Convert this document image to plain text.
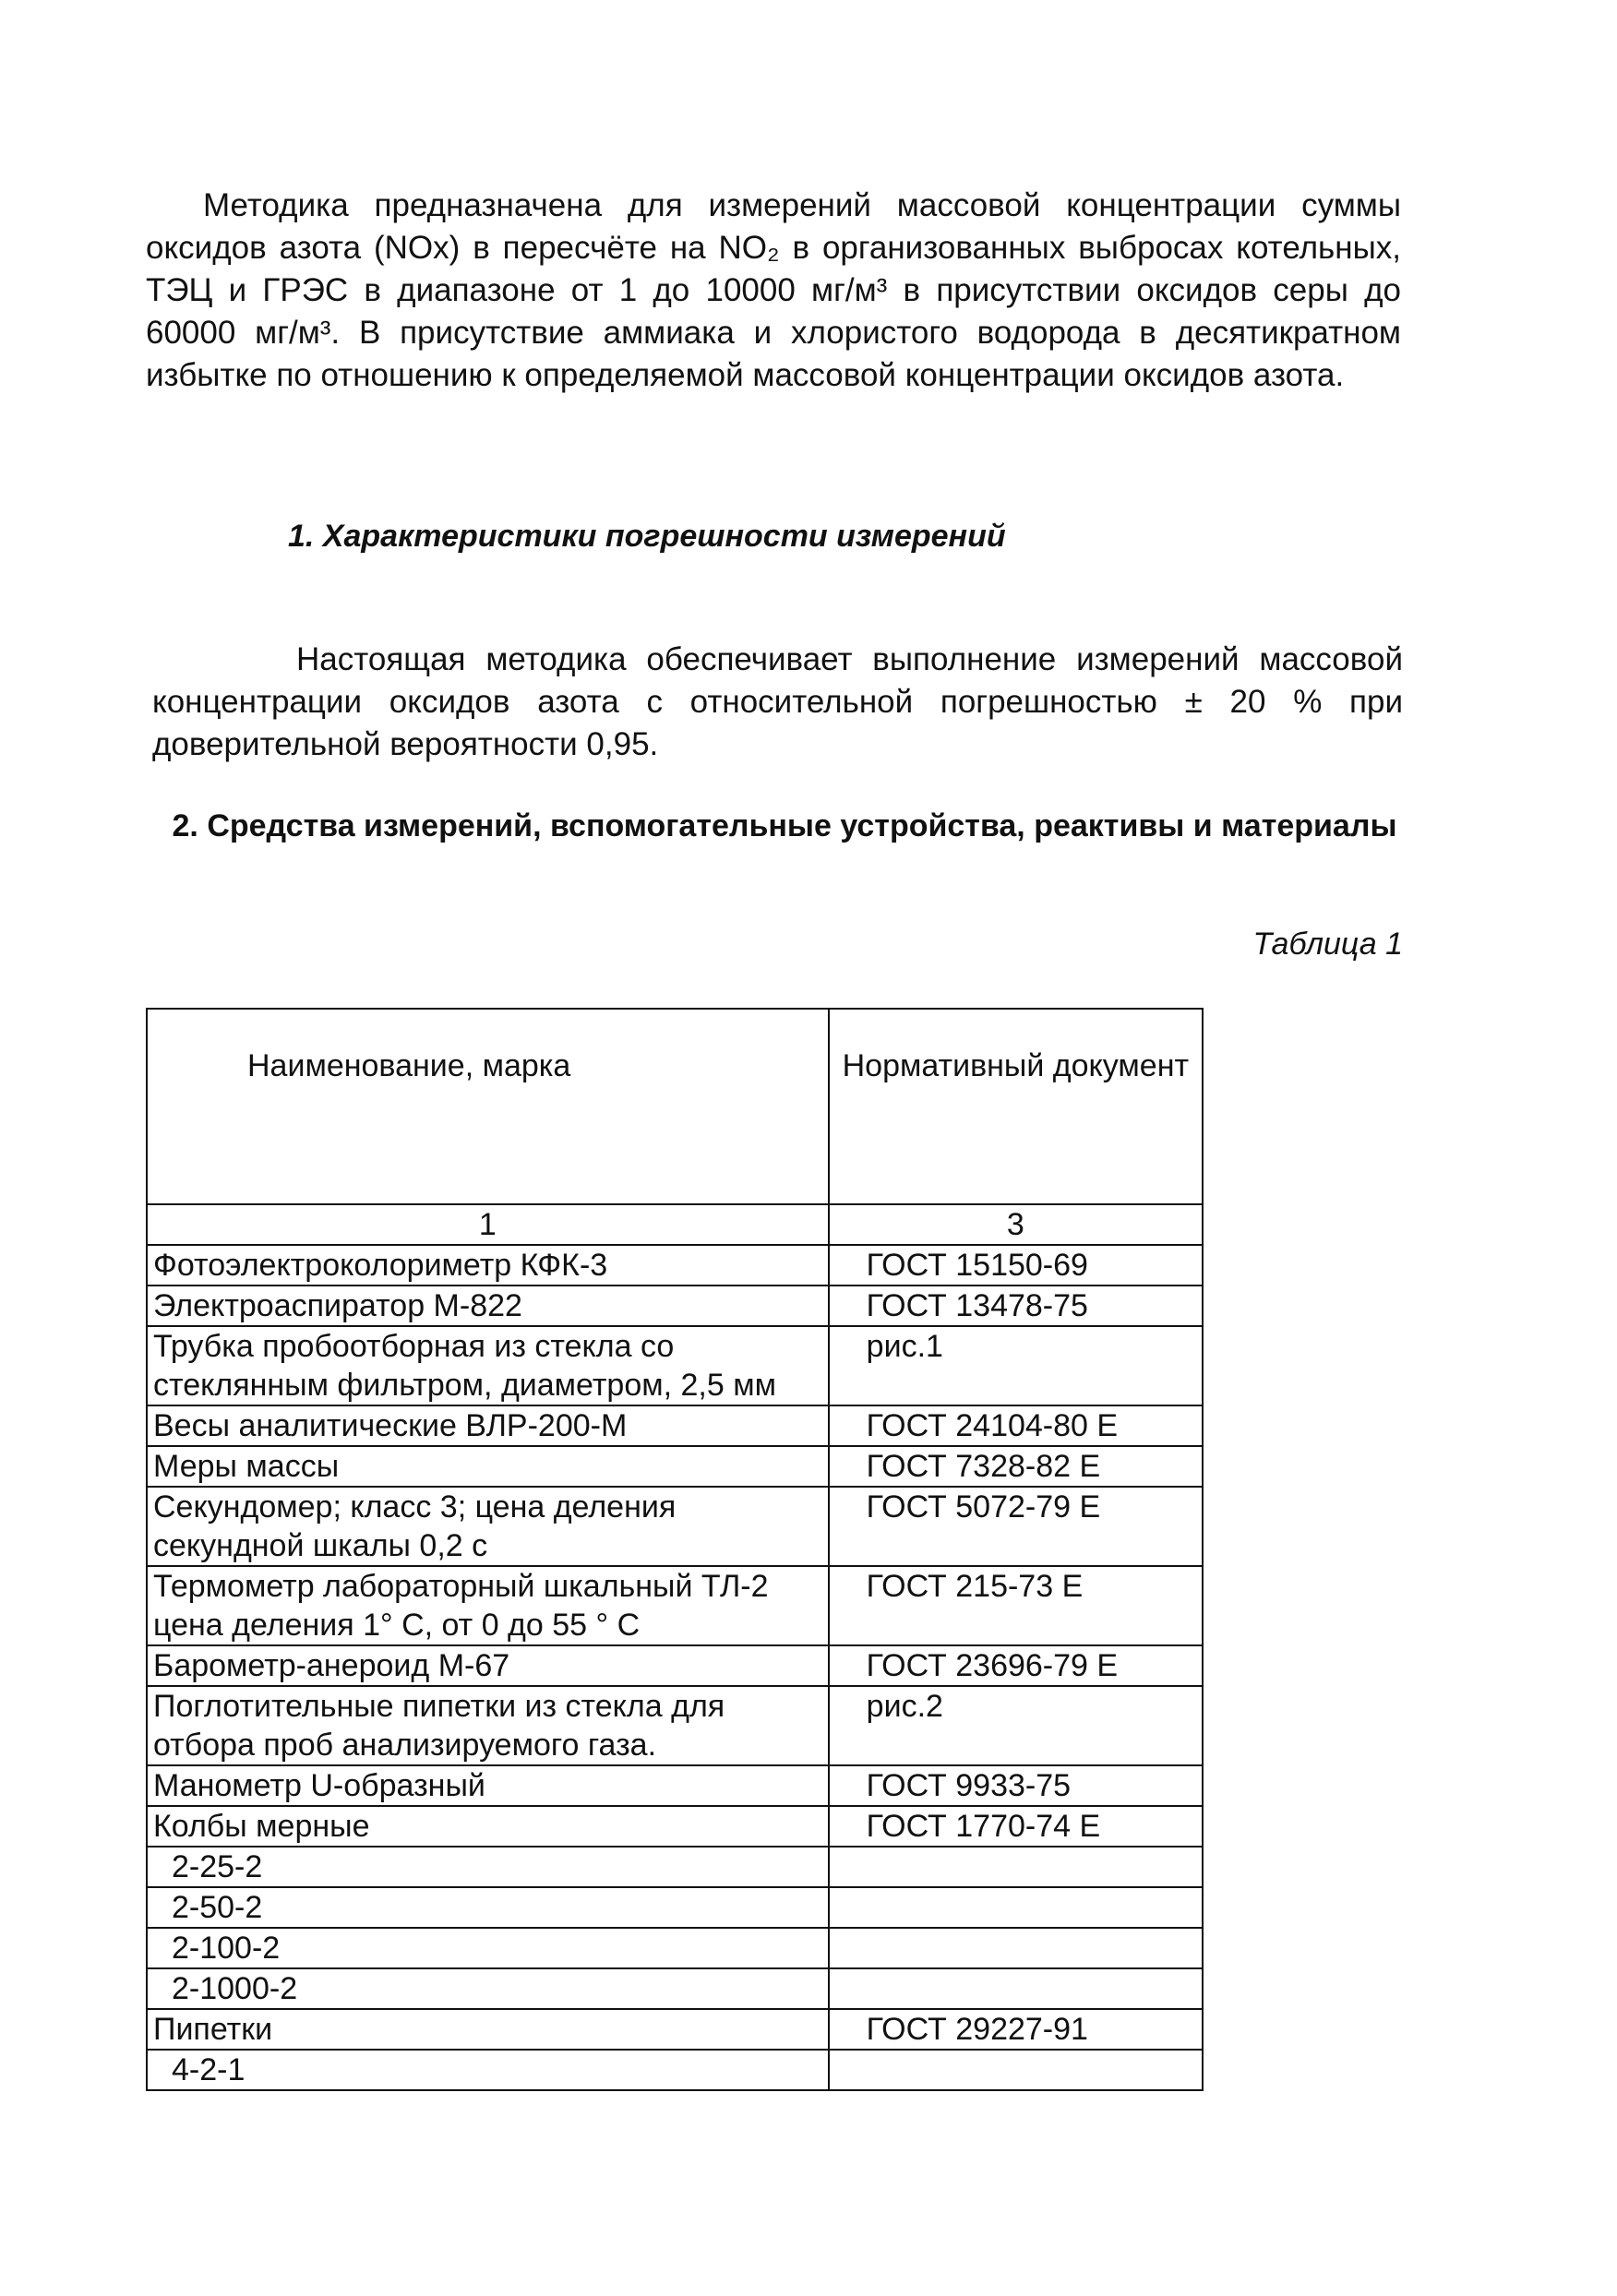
Методика предназначена для измерений массовой концентрации суммы оксидов азота (NOx) в пересчёте на NO₂ в организованных выбросах котельных, ТЭЦ и ГРЭС в диапазоне от 1 до 10000 мг/м³ в присутствии оксидов серы до 60000 мг/м³. В присутствие аммиака и хлористого водорода в десятикратном избытке по отношению к определяемой массовой концентрации оксидов азота.
1. Характеристики погрешности измерений
Настоящая методика обеспечивает выполнение измерений массовой концентрации оксидов азота с относительной погрешностью ± 20 % при доверительной вероятности 0,95.
2. Средства измерений, вспомогательные устройства, реактивы и материалы
Таблица 1
Наименование, марка	Нормативный документ
1	3
Фотоэлектроколориметр КФК-3	ГОСТ 15150-69
Электроаспиратор М-822	ГОСТ 13478-75
Трубка пробоотборная из стекла со стеклянным фильтром, диаметром, 2,5 мм	рис.1
Весы аналитические ВЛР-200-М	ГОСТ 24104-80 Е
Меры массы	ГОСТ 7328-82 Е
Секундомер; класс 3; цена деления секундной шкалы 0,2 с	ГОСТ 5072-79 Е
Термометр лабораторный шкальный ТЛ-2 цена деления 1° С, от 0 до 55 ° С	ГОСТ 215-73 Е
Барометр-анероид М-67	ГОСТ 23696-79 Е
Поглотительные пипетки из стекла для отбора проб анализируемого газа.	рис.2
Манометр U-образный	ГОСТ 9933-75
Колбы мерные	ГОСТ 1770-74 Е
2-25-2	
2-50-2	
2-100-2	
2-1000-2	
Пипетки	ГОСТ 29227-91
4-2-1	
